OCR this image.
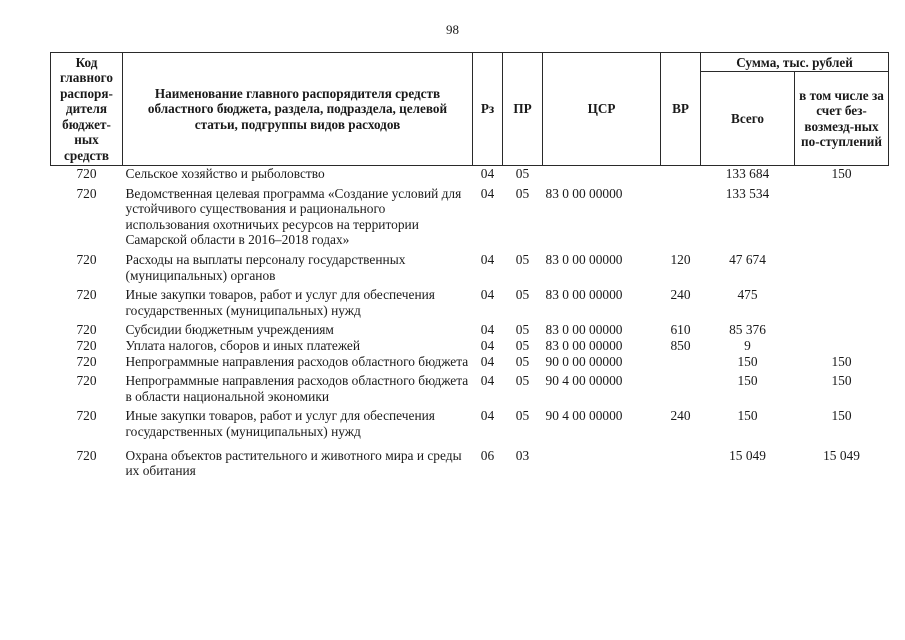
98
Код главного распоря-дителя бюджет-ных средств	Наименование главного распорядителя средств областного бюджета, раздела, подраздела, целевой статьи, подгруппы видов расходов	Рз	ПР	ЦСР	ВР	Сумма, тыс. рублей	
						Всего	в том числе за счет без-возмезд-ных по-ступлений
720	Сельское хозяйство и рыболовство	04	05			133 684	150
720	Ведомственная целевая программа «Создание условий для устойчивого существования и рационального использования охотничьих ресурсов на территории Самарской области в 2016–2018 годах»	04	05	83 0 00 00000		133 534	
720	Расходы на выплаты персоналу государственных (муниципальных) органов	04	05	83 0 00 00000	120	47 674	
720	Иные закупки товаров, работ и услуг для обеспечения государственных (муниципальных) нужд	04	05	83 0 00 00000	240	475	
720	Субсидии бюджетным учреждениям	04	05	83 0 00 00000	610	85 376	
720	Уплата налогов, сборов и иных платежей	04	05	83 0 00 00000	850	9	
720	Непрограммные направления расходов областного бюджета	04	05	90 0 00 00000		150	150
720	Непрограммные направления расходов областного бюджета в области национальной экономики	04	05	90 4 00 00000		150	150
720	Иные закупки товаров, работ и услуг для обеспечения государственных (муниципальных) нужд	04	05	90 4 00 00000	240	150	150
720	Охрана объектов растительного и животного мира и среды их обитания	06	03			15 049	15 049
